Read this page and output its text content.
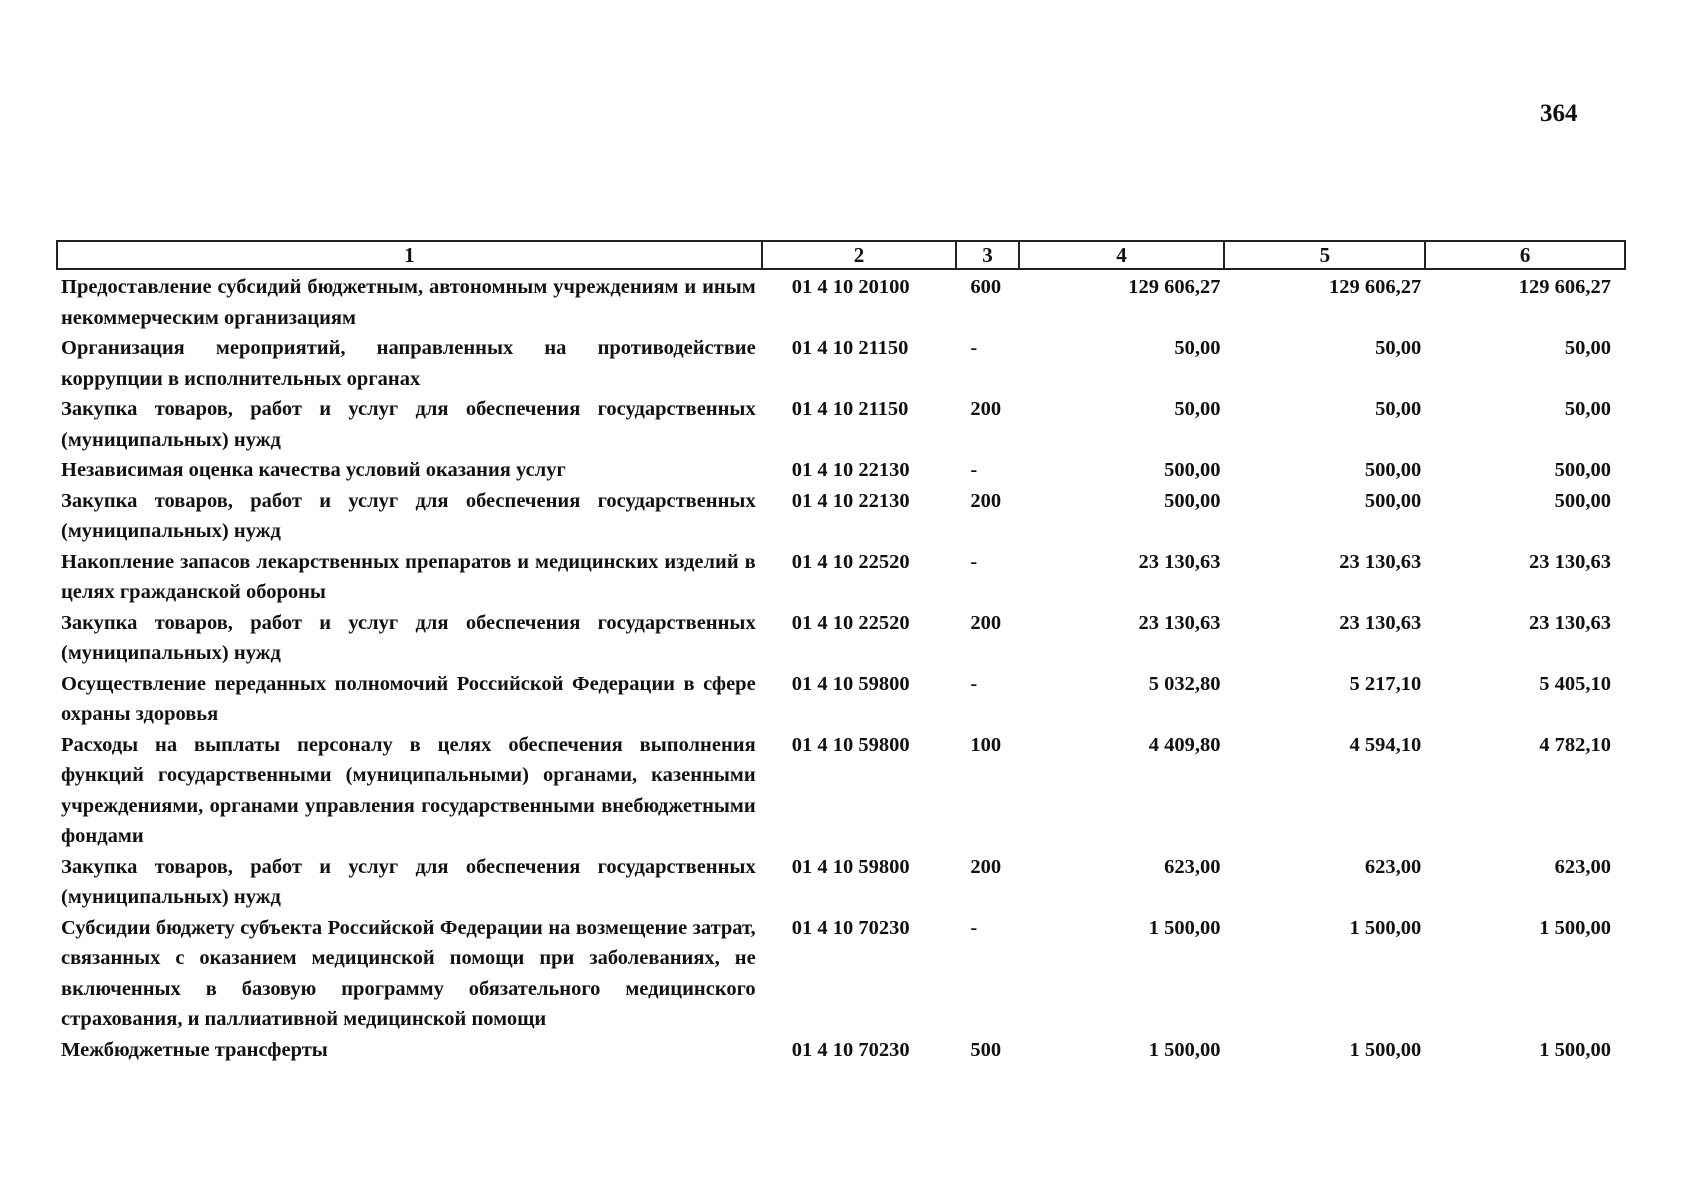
364
1	2	3	4	5	6
Предоставление субсидий бюджетным, автономным учреждениям и иным некоммерческим организациям	01 4 10 20100	600	129 606,27	129 606,27	129 606,27
Организация мероприятий, направленных на противодействие коррупции в исполнительных органах	01 4 10 21150	-	50,00	50,00	50,00
Закупка товаров, работ и услуг для обеспечения государственных (муниципальных) нужд	01 4 10 21150	200	50,00	50,00	50,00
Независимая оценка качества условий оказания услуг	01 4 10 22130	-	500,00	500,00	500,00
Закупка товаров, работ и услуг для обеспечения государственных (муниципальных) нужд	01 4 10 22130	200	500,00	500,00	500,00
Накопление запасов лекарственных препаратов и медицинских изделий в целях гражданской обороны	01 4 10 22520	-	23 130,63	23 130,63	23 130,63
Закупка товаров, работ и услуг для обеспечения государственных (муниципальных) нужд	01 4 10 22520	200	23 130,63	23 130,63	23 130,63
Осуществление переданных полномочий Российской Федерации в сфере охраны здоровья	01 4 10 59800	-	5 032,80	5 217,10	5 405,10
Расходы на выплаты персоналу в целях обеспечения выполнения функций государственными (муниципальными) органами, казенными учреждениями, органами управления государственными внебюджетными фондами	01 4 10 59800	100	4 409,80	4 594,10	4 782,10
Закупка товаров, работ и услуг для обеспечения государственных (муниципальных) нужд	01 4 10 59800	200	623,00	623,00	623,00
Субсидии бюджету субъекта Российской Федерации на возмещение затрат, связанных с оказанием медицинской помощи при заболеваниях, не включенных в базовую программу обязательного медицинского страхования, и паллиативной медицинской помощи	01 4 10 70230	-	1 500,00	1 500,00	1 500,00
Межбюджетные трансферты	01 4 10 70230	500	1 500,00	1 500,00	1 500,00
